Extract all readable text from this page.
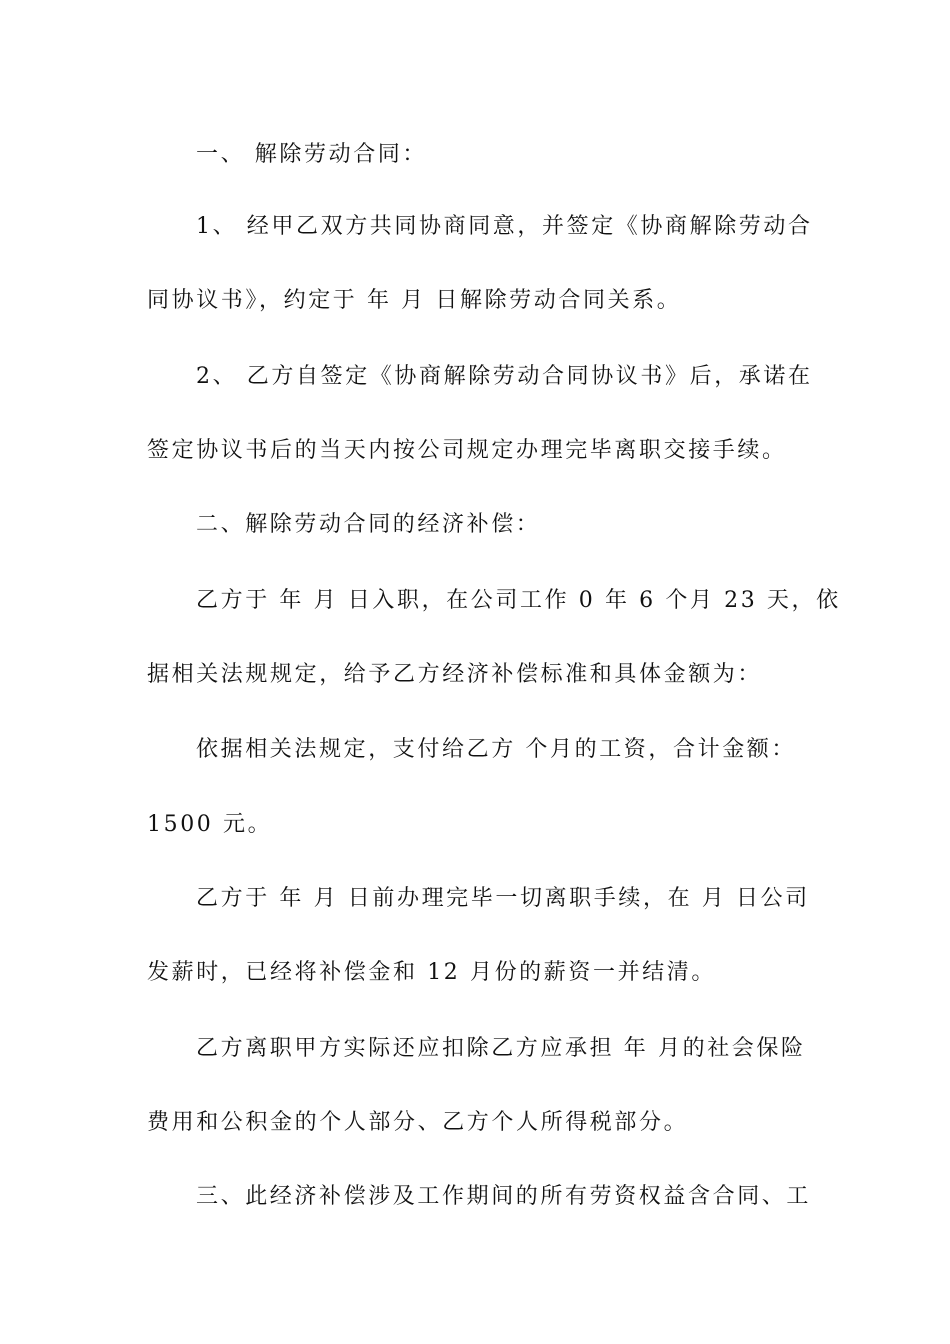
一、 解除劳动合同：
1、 经甲乙双方共同协商同意，并签定《协商解除劳动合
同协议书》，约定于 年 月 日解除劳动合同关系。
2、 乙方自签定《协商解除劳动合同协议书》后，承诺在
签定协议书后的当天内按公司规定办理完毕离职交接手续。
二、解除劳动合同的经济补偿：
乙方于 年 月 日入职，在公司工作 0 年 6 个月 23 天，依
据相关法规规定，给予乙方经济补偿标准和具体金额为：
依据相关法规定，支付给乙方 个月的工资，合计金额：
1500 元。
乙方于 年 月 日前办理完毕一切离职手续，在 月 日公司
发薪时，已经将补偿金和 12 月份的薪资一并结清。
乙方离职甲方实际还应扣除乙方应承担 年 月的社会保险
费用和公积金的个人部分、乙方个人所得税部分。
三、此经济补偿涉及工作期间的所有劳资权益含合同、工
